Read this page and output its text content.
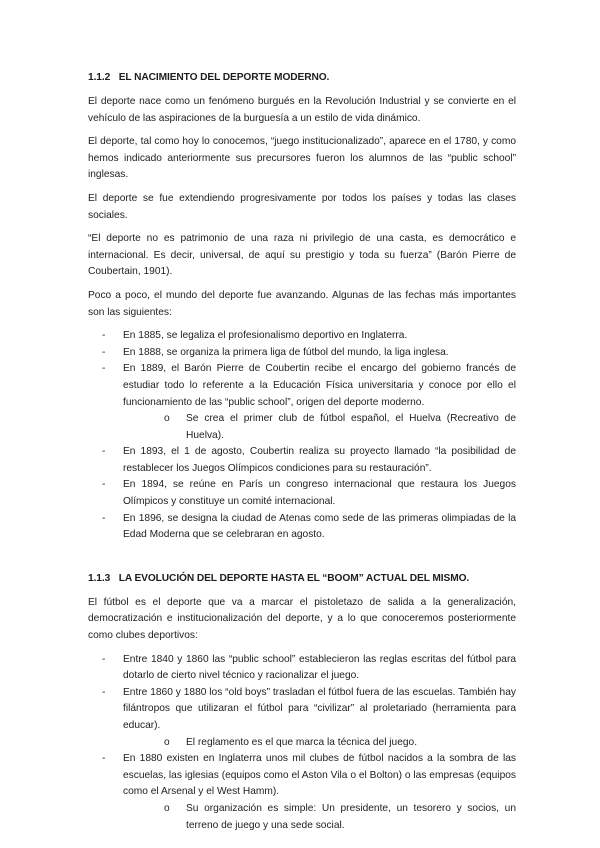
1.1.2 EL NACIMIENTO DEL DEPORTE MODERNO.

El deporte nace como un fenómeno burgués en la Revolución Industrial y se convierte en el vehículo de las aspiraciones de la burguesía a un estilo de vida dinámico.

El deporte, tal como hoy lo conocemos, “juego institucionalizado”, aparece en el 1780, y como hemos indicado anteriormente sus precursores fueron los alumnos de las “public school” inglesas.

El deporte se fue extendiendo progresivamente por todos los países y todas las clases sociales.

“El deporte no es patrimonio de una raza ni privilegio de una casta, es democrático e internacional. Es decir, universal, de aquí su prestigio y toda su fuerza” (Barón Pierre de Coubertain, 1901).

Poco a poco, el mundo del deporte fue avanzando. Algunas de las fechas más importantes son las siguientes:

- En 1885, se legaliza el profesionalismo deportivo en Inglaterra.
- En 1888, se organiza la primera liga de fútbol del mundo, la liga inglesa.
- En 1889, el Barón Pierre de Coubertin recibe el encargo del gobierno francés de estudiar todo lo referente a la Educación Física universitaria y conoce por ello el funcionamiento de las “public school”, origen del deporte moderno.
o Se crea el primer club de fútbol español, el Huelva (Recreativo de Huelva).
- En 1893, el 1 de agosto, Coubertin realiza su proyecto llamado “la posibilidad de restablecer los Juegos Olímpicos condiciones para su restauración”.
- En 1894, se reúne en París un congreso internacional que restaura los Juegos Olímpicos y constituye un comité internacional.
- En 1896, se designa la ciudad de Atenas como sede de las primeras olimpiadas de la Edad Moderna que se celebraran en agosto.
1.1.3 LA EVOLUCIÓN DEL DEPORTE HASTA EL “BOOM” ACTUAL DEL MISMO.

El fútbol es el deporte que va a marcar el pistoletazo de salida a la generalización, democratización e institucionalización del deporte, y a lo que conoceremos posteriormente como clubes deportivos:

- Entre 1840 y 1860 las “public school” establecieron las reglas escritas del fútbol para dotarlo de cierto nivel técnico y racionalizar el juego.
- Entre 1860 y 1880 los “old boys” trasladan el fútbol fuera de las escuelas. También hay filántropos que utilizaran el fútbol para “civilizar” al proletariado (herramienta para educar).
o El reglamento es el que marca la técnica del juego.
- En 1880 existen en Inglaterra unos mil clubes de fútbol nacidos a la sombra de las escuelas, las iglesias (equipos como el Aston Vila o el Bolton) o las empresas (equipos como el Arsenal y el West Hamm).
o Su organización es simple: Un presidente, un tesorero y socios, un terreno de juego y una sede social.
